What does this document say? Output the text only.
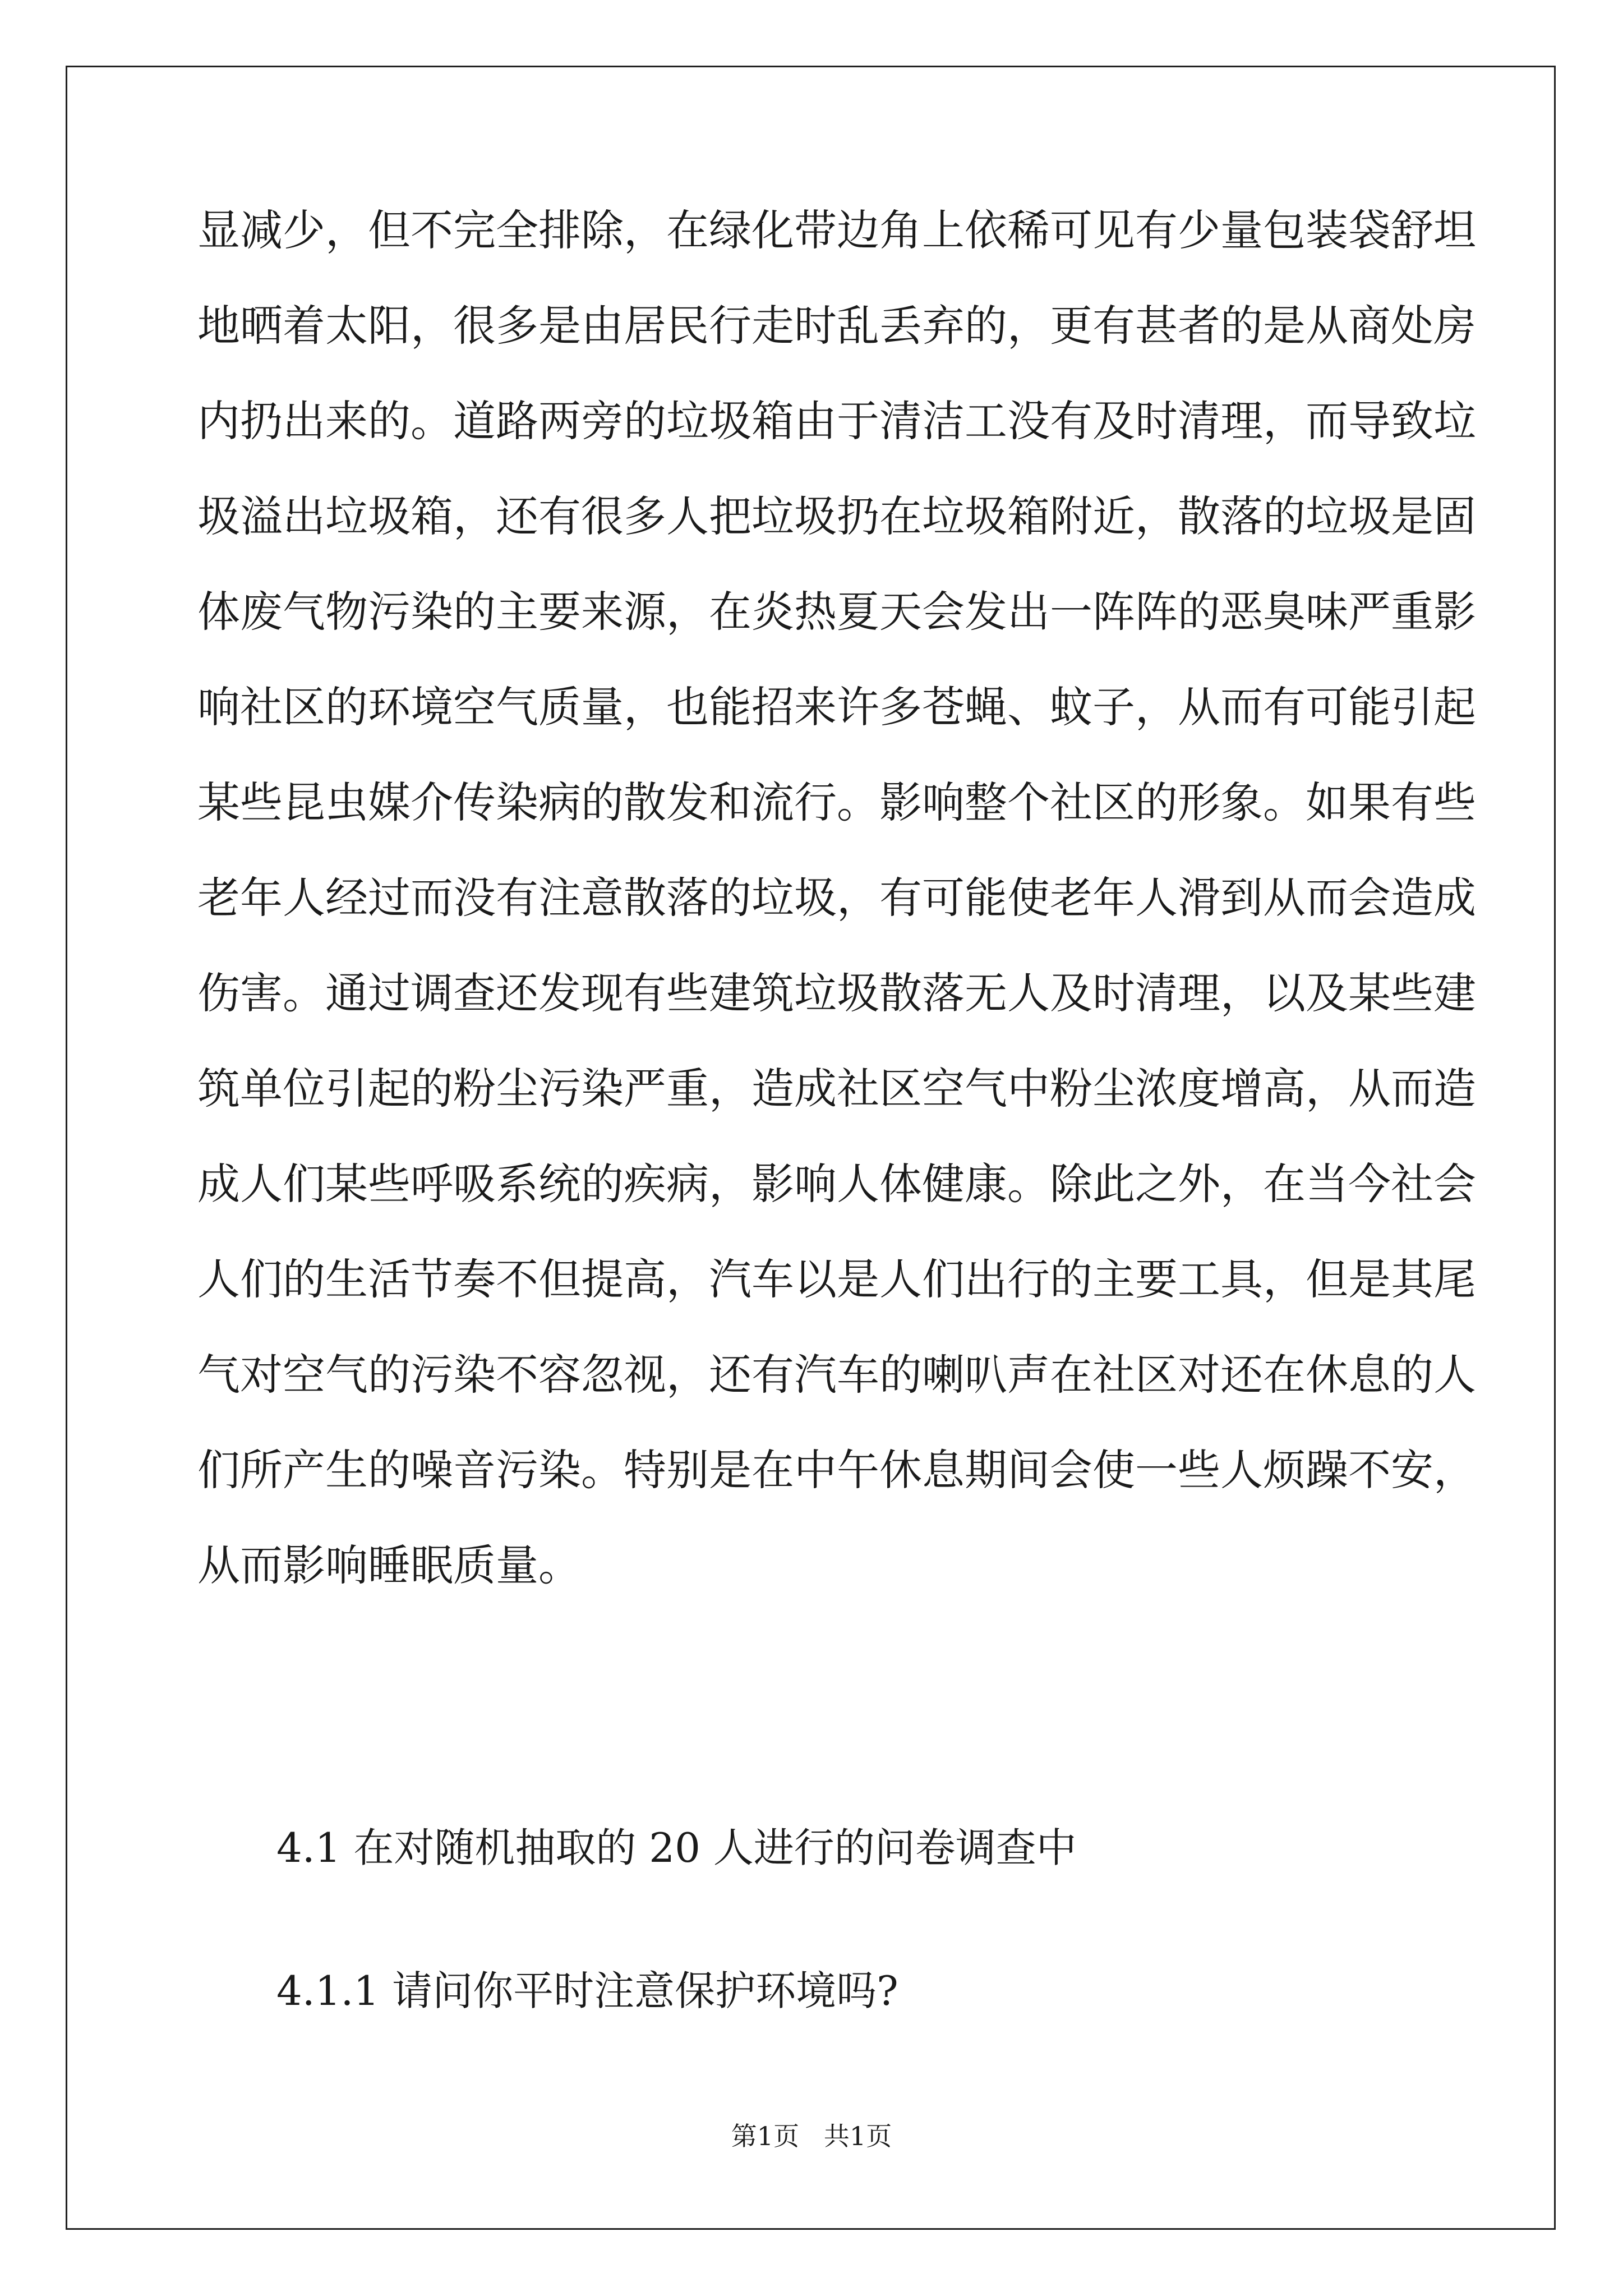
显减少，但不完全排除，在绿化带边角上依稀可见有少量包装袋舒坦
地晒着太阳，很多是由居民行走时乱丢弃的，更有甚者的是从商处房
内扔出来的。道路两旁的垃圾箱由于清洁工没有及时清理，而导致垃
圾溢出垃圾箱，还有很多人把垃圾扔在垃圾箱附近，散落的垃圾是固
体废气物污染的主要来源，在炎热夏天会发出一阵阵的恶臭味严重影
响社区的环境空气质量，也能招来许多苍蝇、蚊子，从而有可能引起
某些昆虫媒介传染病的散发和流行。影响整个社区的形象。如果有些
老年人经过而没有注意散落的垃圾，有可能使老年人滑到从而会造成
伤害。通过调查还发现有些建筑垃圾散落无人及时清理，以及某些建
筑单位引起的粉尘污染严重，造成社区空气中粉尘浓度增高，从而造
成人们某些呼吸系统的疾病，影响人体健康。除此之外，在当今社会
人们的生活节奏不但提高，汽车以是人们出行的主要工具，但是其尾
气对空气的污染不容忽视，还有汽车的喇叭声在社区对还在休息的人
们所产生的噪音污染。特别是在中午休息期间会使一些人烦躁不安，
从而影响睡眠质量。

4.1 在对随机抽取的 20 人进行的问卷调查中

4.1.1 请问你平时注意保护环境吗?

第1页   共1页
